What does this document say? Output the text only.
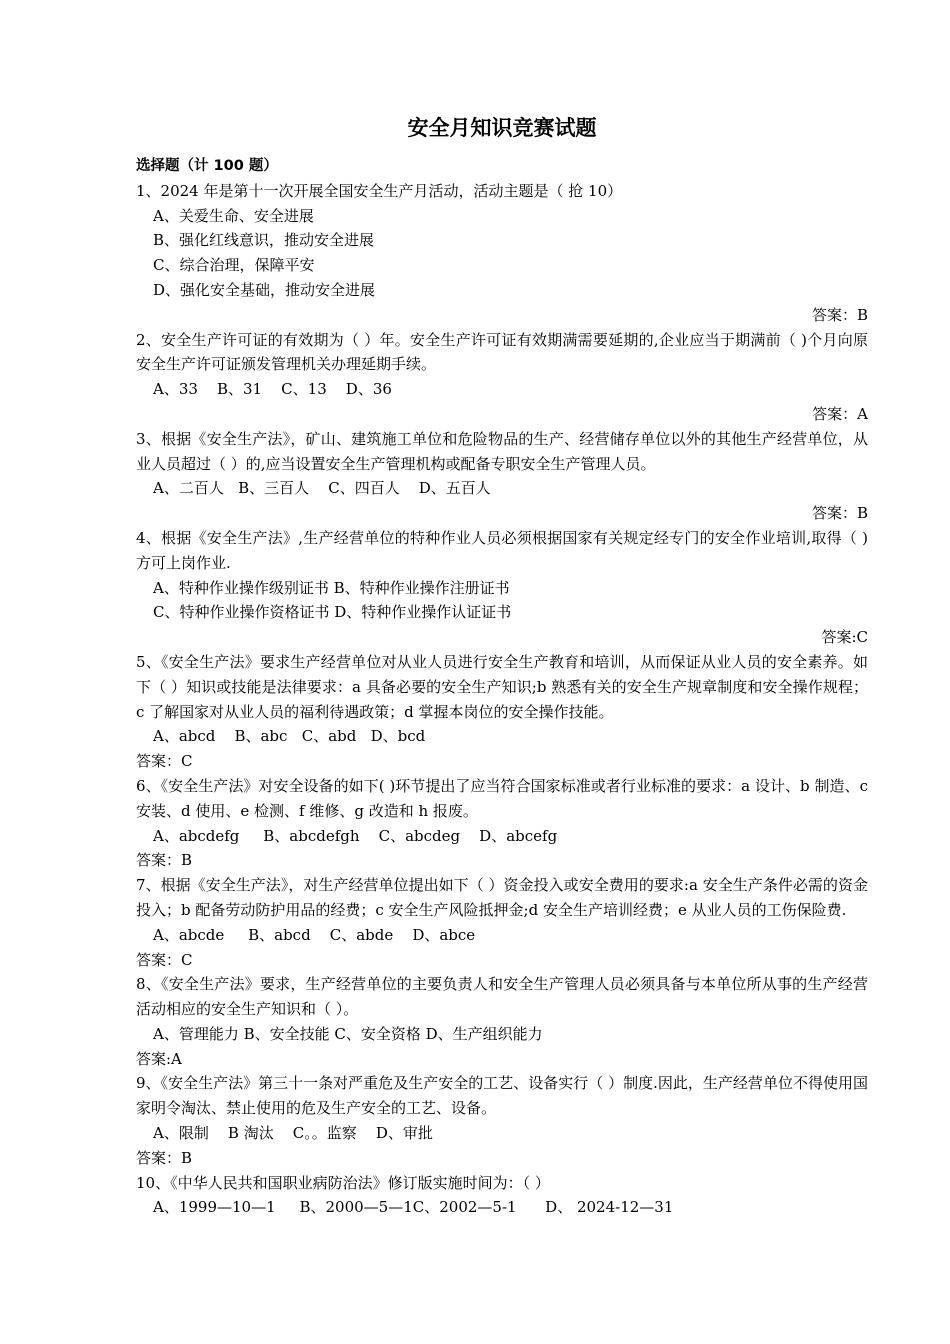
安全月知识竞赛试题
选择题（计 100 题）

1、2024 年是第十一次开展全国安全生产月活动，活动主题是（ 抢 10）

A、关爱生命、安全进展

B、强化红线意识，推动安全进展

C、综合治理，保障平安

D、强化安全基础，推动安全进展

答案：B

2、安全生产许可证的有效期为（ ）年。安全生产许可证有效期满需要延期的,企业应当于期满前（ )个月向原安全生产许可证颁发管理机关办理延期手续。

A、33    B、31    C、13    D、36

答案：A

3、根据《安全生产法》，矿山、建筑施工单位和危险物品的生产、经营储存单位以外的其他生产经营单位，从业人员超过（ ）的,应当设置安全生产管理机构或配备专职安全生产管理人员。

A、二百人   B、三百人    C、四百人    D、五百人

答案：B

4、根据《安全生产法》,生产经营单位的特种作业人员必须根据国家有关规定经专门的安全作业培训,取得（ )方可上岗作业.

A、特种作业操作级别证书 B、特种作业操作注册证书

C、特种作业操作资格证书 D、特种作业操作认证证书

答案:C

5、《安全生产法》要求生产经营单位对从业人员进行安全生产教育和培训，从而保证从业人员的安全素养。如下（ ）知识或技能是法律要求：a 具备必要的安全生产知识;b 熟悉有关的安全生产规章制度和安全操作规程；c 了解国家对从业人员的福利待遇政策；d 掌握本岗位的安全操作技能。

A、abcd    B、abc   C、abd   D、bcd

答案：C

6、《安全生产法》对安全设备的如下( )环节提出了应当符合国家标准或者行业标准的要求：a 设计、b 制造、c 安装、d 使用、e 检测、f 维修、g 改造和 h 报废。

A、abcdefg     B、abcdefgh    C、abcdeg    D、abcefg

答案：B

7、根据《安全生产法》，对生产经营单位提出如下（ ）资金投入或安全费用的要求:a 安全生产条件必需的资金投入；b 配备劳动防护用品的经费；c 安全生产风险抵押金;d 安全生产培训经费；e 从业人员的工伤保险费.

A、abcde     B、abcd    C、abde    D、abce

答案：C

8、《安全生产法》要求，生产经营单位的主要负责人和安全生产管理人员必须具备与本单位所从事的生产经营活动相应的安全生产知识和（ ）。

A、管理能力 B、安全技能 C、安全资格 D、生产组织能力

答案:A

9、《安全生产法》第三十一条对严重危及生产安全的工艺、设备实行（ ）制度.因此，生产经营单位不得使用国家明令淘汰、禁止使用的危及生产安全的工艺、设备。

A、限制    B 淘汰    C。。监察    D、审批

答案：B

10、《中华人民共和国职业病防治法》修订版实施时间为：（ ）

A、1999—10—1     B、2000—5—1C、2002—5-1      D、 2024-12—31
